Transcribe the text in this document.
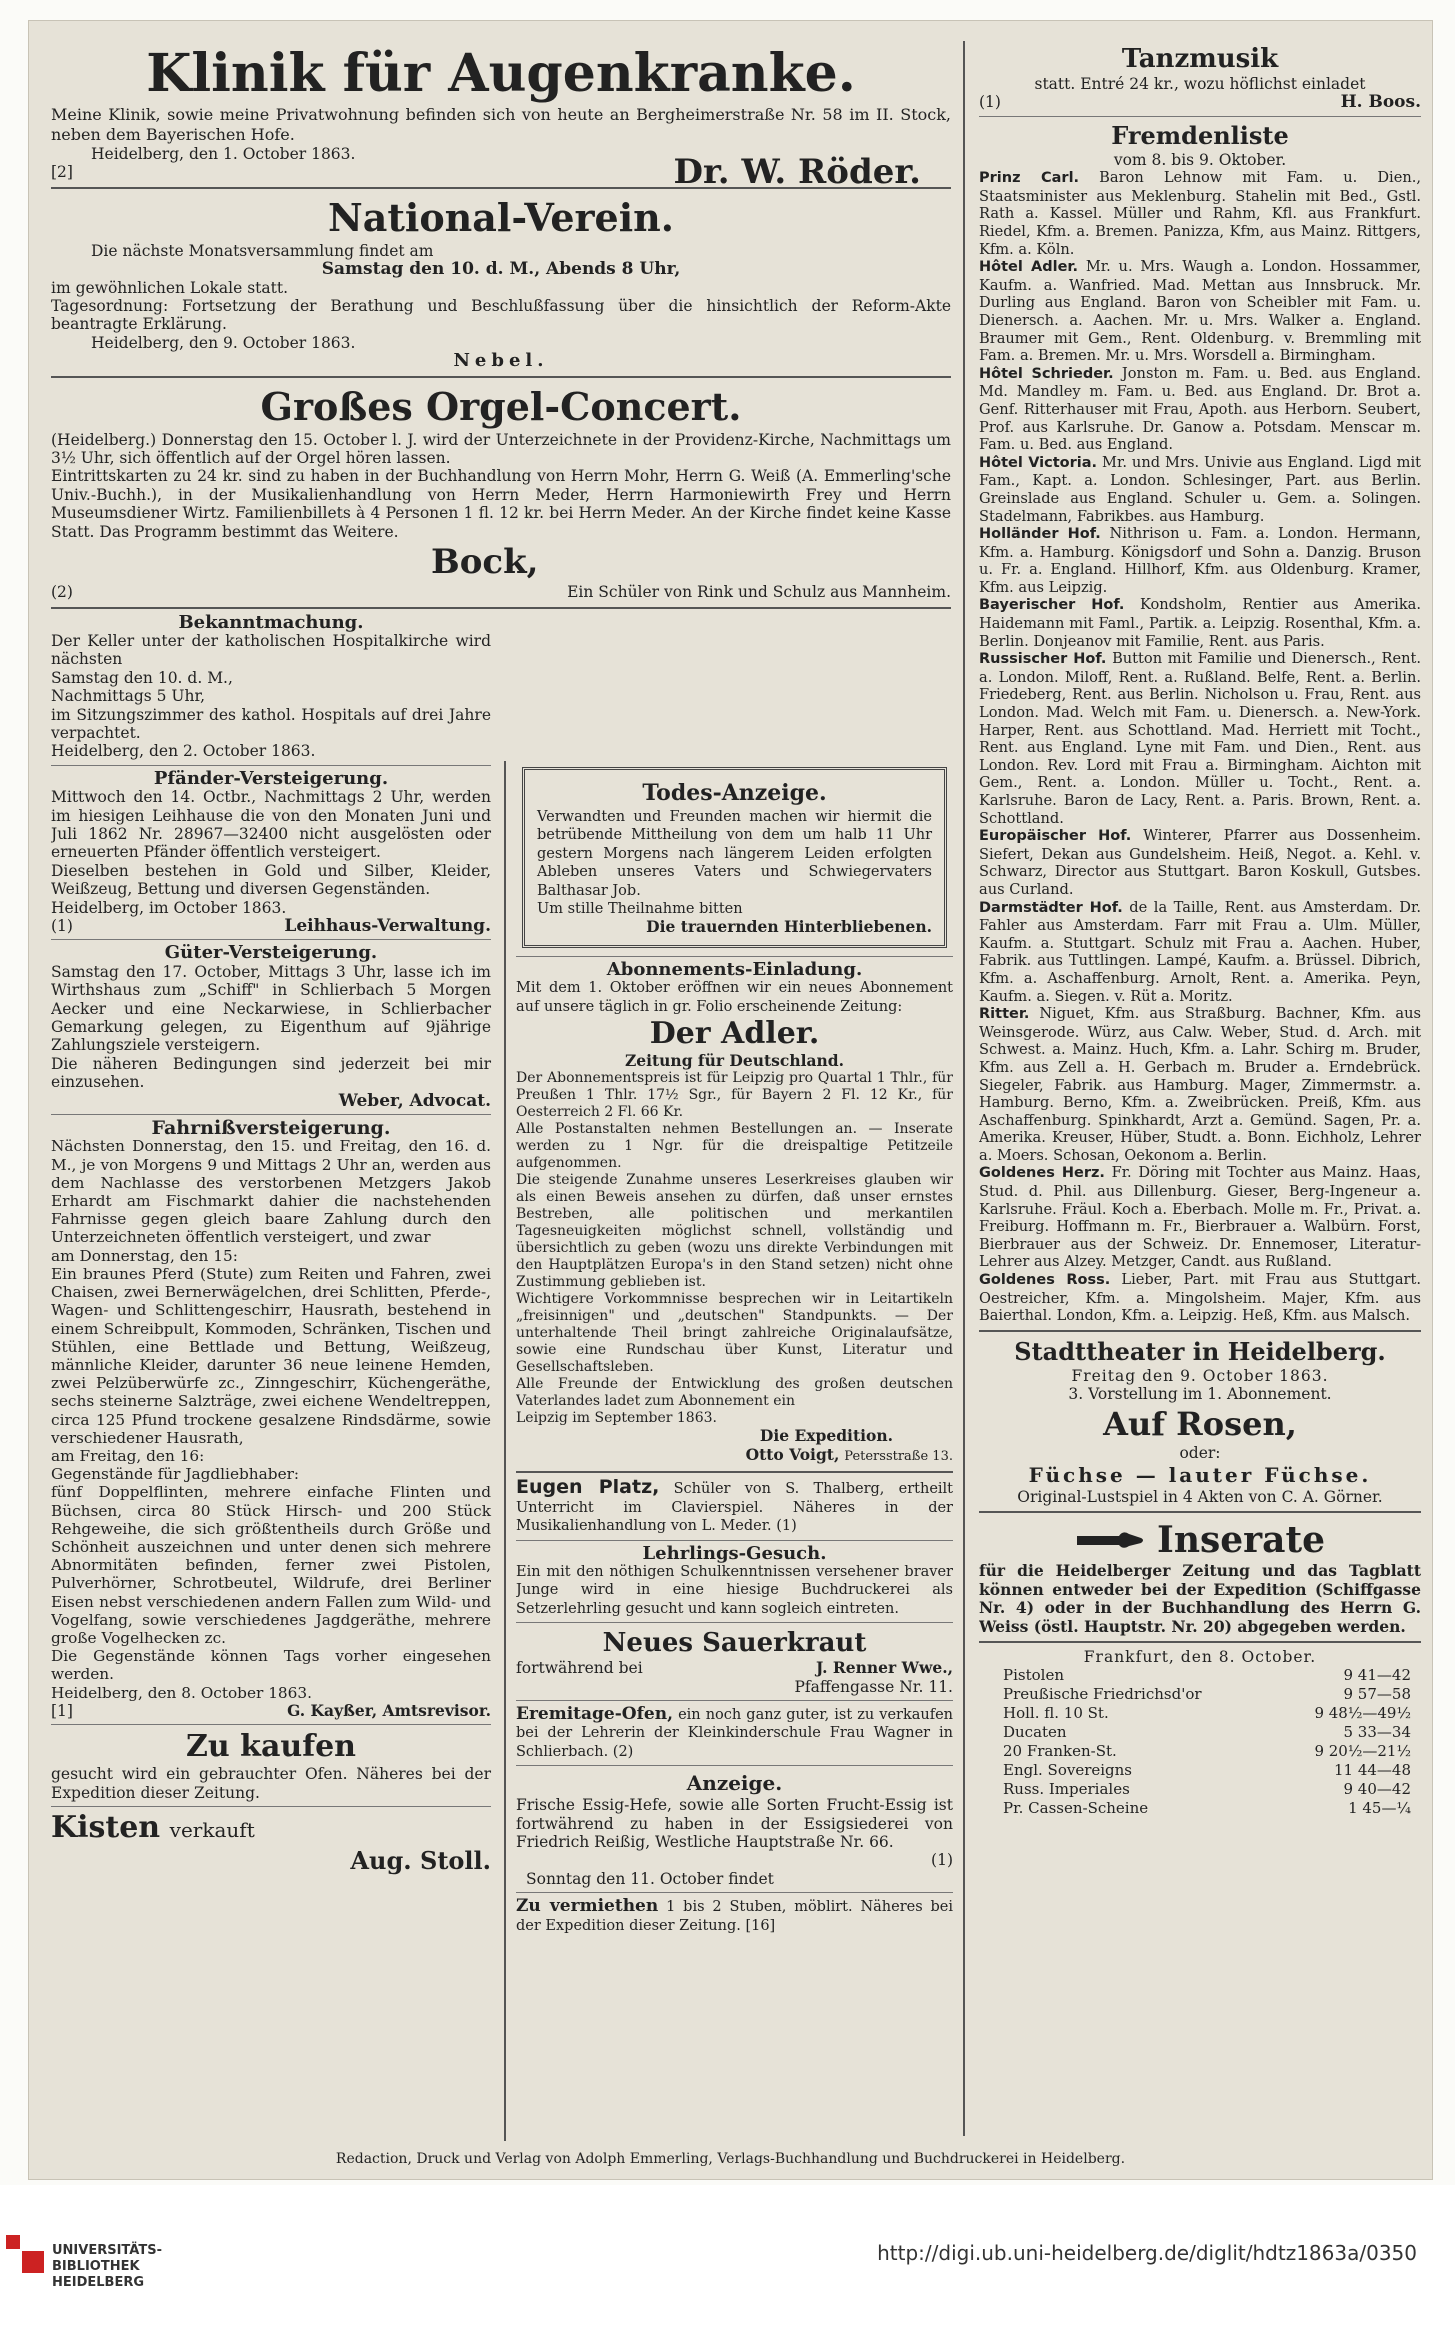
Klinik für Augenkranke.

Meine Klinik, sowie meine Privatwohnung befinden sich von heute an Bergheimerstraße Nr. 58 im II. Stock, neben dem Bayerischen Hofe.

Heidelberg, den 1. October 1863.

[2]	Dr. W. Röder.

National-Verein.

Die nächste Monatsversammlung findet am

Samstag den 10. d. M., Abends 8 Uhr,

im gewöhnlichen Lokale statt.

Tagesordnung: Fortsetzung der Berathung und Beschlußfassung über die hinsichtlich der Reform-Akte beantragte Erklärung.

Heidelberg, den 9. October 1863.

Nebel.

Großes Orgel-Concert.

(Heidelberg.) Donnerstag den 15. October l. J. wird der Unterzeichnete in der Providenz-Kirche, Nachmittags um 3½ Uhr, sich öffentlich auf der Orgel hören lassen.
Eintrittskarten zu 24 kr. sind zu haben in der Buchhandlung von Herrn Mohr, Herrn G. Weiß (A. Emmerling'sche Univ.-Buchh.), in der Musikalienhandlung von Herrn Meder, Herrn Harmoniewirth Frey und Herrn Museumsdiener Wirtz. Familienbillets à 4 Personen 1 fl. 12 kr. bei Herrn Meder. An der Kirche findet keine Kasse Statt. Das Programm bestimmt das Weitere.

Bock,

(2)	Ein Schüler von Rink und Schulz aus Mannheim.

Bekanntmachung.

Der Keller unter der katholischen Hospitalkirche wird nächsten
Samstag den 10. d. M.,
Nachmittags 5 Uhr,
im Sitzungszimmer des kathol. Hospitals auf drei Jahre verpachtet.
Heidelberg, den 2. October 1863.

Pfänder-Versteigerung.

Mittwoch den 14. Octbr., Nachmittags 2 Uhr, werden im hiesigen Leihhause die von den Monaten Juni und Juli 1862 Nr. 28967—32400 nicht ausgelösten oder erneuerten Pfänder öffentlich versteigert.
Dieselben bestehen in Gold und Silber, Kleider, Weißzeug, Bettung und diversen Gegenständen.
Heidelberg, im October 1863.

(1)	Leihhaus-Verwaltung.

Güter-Versteigerung.

Samstag den 17. October, Mittags 3 Uhr, lasse ich im Wirthshaus zum „Schiff" in Schlierbach 5 Morgen Aecker und eine Neckarwiese, in Schlierbacher Gemarkung gelegen, zu Eigenthum auf 9jährige Zahlungsziele versteigern.
Die näheren Bedingungen sind jederzeit bei mir einzusehen.

Weber, Advocat.

Fahrnißversteigerung.

Nächsten Donnerstag, den 15. und Freitag, den 16. d. M., je von Morgens 9 und Mittags 2 Uhr an, werden aus dem Nachlasse des verstorbenen Metzgers Jakob Erhardt am Fischmarkt dahier die nachstehenden Fahrnisse gegen gleich baare Zahlung durch den Unterzeichneten öffentlich versteigert, und zwar
am Donnerstag, den 15:
Ein braunes Pferd (Stute) zum Reiten und Fahren, zwei Chaisen, zwei Bernerwägelchen, drei Schlitten, Pferde-, Wagen- und Schlittengeschirr, Hausrath, bestehend in einem Schreibpult, Kommoden, Schränken, Tischen und Stühlen, eine Bettlade und Bettung, Weißzeug, männliche Kleider, darunter 36 neue leinene Hemden, zwei Pelzüberwürfe zc., Zinngeschirr, Küchengeräthe, sechs steinerne Salzträge, zwei eichene Wendeltreppen, circa 125 Pfund trockene gesalzene Rindsdärme, sowie verschiedener Hausrath,
am Freitag, den 16:
Gegenstände für Jagdliebhaber:
fünf Doppelflinten, mehrere einfache Flinten und Büchsen, circa 80 Stück Hirsch- und 200 Stück Rehgeweihe, die sich größtentheils durch Größe und Schönheit auszeichnen und unter denen sich mehrere Abnormitäten befinden, ferner zwei Pistolen, Pulverhörner, Schrotbeutel, Wildrufe, drei Berliner Eisen nebst verschiedenen andern Fallen zum Wild- und Vogelfang, sowie verschiedenes Jagdgeräthe, mehrere große Vogelhecken zc.
Die Gegenstände können Tags vorher eingesehen werden.
Heidelberg, den 8. October 1863.

[1]	G. Kayßer, Amtsrevisor.

Zu kaufen

gesucht wird ein gebrauchter Ofen. Näheres bei der Expedition dieser Zeitung.

Kisten verkauft

Aug. Stoll.

Todes-Anzeige.

Verwandten und Freunden machen wir hiermit die betrübende Mittheilung von dem um halb 11 Uhr gestern Morgens nach längerem Leiden erfolgten Ableben unseres Vaters und Schwiegervaters Balthasar Job.
Um stille Theilnahme bitten

Die trauernden Hinterbliebenen.

Abonnements-Einladung.

Mit dem 1. Oktober eröffnen wir ein neues Abonnement auf unsere täglich in gr. Folio erscheinende Zeitung:

Der Adler.

Zeitung für Deutschland.

Der Abonnementspreis ist für Leipzig pro Quartal 1 Thlr., für Preußen 1 Thlr. 17½ Sgr., für Bayern 2 Fl. 12 Kr., für Oesterreich 2 Fl. 66 Kr.
Alle Postanstalten nehmen Bestellungen an. — Inserate werden zu 1 Ngr. für die dreispaltige Petitzeile aufgenommen.
Die steigende Zunahme unseres Leserkreises glauben wir als einen Beweis ansehen zu dürfen, daß unser ernstes Bestreben, alle politischen und merkantilen Tagesneuigkeiten möglichst schnell, vollständig und übersichtlich zu geben (wozu uns direkte Verbindungen mit den Hauptplätzen Europa's in den Stand setzen) nicht ohne Zustimmung geblieben ist.
Wichtigere Vorkommnisse besprechen wir in Leitartikeln „freisinnigen" und „deutschen" Standpunkts. — Der unterhaltende Theil bringt zahlreiche Originalaufsätze, sowie eine Rundschau über Kunst, Literatur und Gesellschaftsleben.
Alle Freunde der Entwicklung des großen deutschen Vaterlandes ladet zum Abonnement ein
Leipzig im September 1863.

Die Expedition.

Otto Voigt, Petersstraße 13.

Eugen Platz, Schüler von S. Thalberg, ertheilt Unterricht im Clavierspiel. Näheres in der Musikalienhandlung von L. Meder. (1)

Lehrlings-Gesuch.

Ein mit den nöthigen Schulkenntnissen versehener braver Junge wird in eine hiesige Buchdruckerei als Setzerlehrling gesucht und kann sogleich eintreten.

Neues Sauerkraut

fortwährend bei	J. Renner Wwe.,

Pfaffengasse Nr. 11.

Eremitage-Ofen, ein noch ganz guter, ist zu verkaufen bei der Lehrerin der Kleinkinderschule Frau Wagner in Schlierbach. (2)

Anzeige.

Frische Essig-Hefe, sowie alle Sorten Frucht-Essig ist fortwährend zu haben in der Essigsiederei von Friedrich Reißig, Westliche Hauptstraße Nr. 66.

(1)

Sonntag den 11. October findet

Zu vermiethen 1 bis 2 Stuben, möblirt. Näheres bei der Expedition dieser Zeitung. [16]

Tanzmusik

statt. Entré 24 kr., wozu höflichst einladet

(1)	H. Boos.

Fremdenliste

vom 8. bis 9. Oktober.

Prinz Carl. Baron Lehnow mit Fam. u. Dien., Staatsminister aus Meklenburg. Stahelin mit Bed., Gstl. Rath a. Kassel. Müller und Rahm, Kfl. aus Frankfurt. Riedel, Kfm. a. Bremen. Panizza, Kfm, aus Mainz. Rittgers, Kfm. a. Köln.

Hôtel Adler. Mr. u. Mrs. Waugh a. London. Hossammer, Kaufm. a. Wanfried. Mad. Mettan aus Innsbruck. Mr. Durling aus England. Baron von Scheibler mit Fam. u. Dienersch. a. Aachen. Mr. u. Mrs. Walker a. England. Braumer mit Gem., Rent. Oldenburg. v. Bremmling mit Fam. a. Bremen. Mr. u. Mrs. Worsdell a. Birmingham.

Hôtel Schrieder. Jonston m. Fam. u. Bed. aus England. Md. Mandley m. Fam. u. Bed. aus England. Dr. Brot a. Genf. Ritterhauser mit Frau, Apoth. aus Herborn. Seubert, Prof. aus Karlsruhe. Dr. Ganow a. Potsdam. Menscar m. Fam. u. Bed. aus England.

Hôtel Victoria. Mr. und Mrs. Univie aus England. Ligd mit Fam., Kapt. a. London. Schlesinger, Part. aus Berlin. Greinslade aus England. Schuler u. Gem. a. Solingen. Stadelmann, Fabrikbes. aus Hamburg.

Holländer Hof. Nithrison u. Fam. a. London. Hermann, Kfm. a. Hamburg. Königsdorf und Sohn a. Danzig. Bruson u. Fr. a. England. Hillhorf, Kfm. aus Oldenburg. Kramer, Kfm. aus Leipzig.

Bayerischer Hof. Kondsholm, Rentier aus Amerika. Haidemann mit Faml., Partik. a. Leipzig. Rosenthal, Kfm. a. Berlin. Donjeanov mit Familie, Rent. aus Paris.

Russischer Hof. Button mit Familie und Dienersch., Rent. a. London. Miloff, Rent. a. Rußland. Belfe, Rent. a. Berlin. Friedeberg, Rent. aus Berlin. Nicholson u. Frau, Rent. aus London. Mad. Welch mit Fam. u. Dienersch. a. New-York. Harper, Rent. aus Schottland. Mad. Herriett mit Tocht., Rent. aus England. Lyne mit Fam. und Dien., Rent. aus London. Rev. Lord mit Frau a. Birmingham. Aichton mit Gem., Rent. a. London. Müller u. Tocht., Rent. a. Karlsruhe. Baron de Lacy, Rent. a. Paris. Brown, Rent. a. Schottland.

Europäischer Hof. Winterer, Pfarrer aus Dossenheim. Siefert, Dekan aus Gundelsheim. Heiß, Negot. a. Kehl. v. Schwarz, Director aus Stuttgart. Baron Koskull, Gutsbes. aus Curland.

Darmstädter Hof. de la Taille, Rent. aus Amsterdam. Dr. Fahler aus Amsterdam. Farr mit Frau a. Ulm. Müller, Kaufm. a. Stuttgart. Schulz mit Frau a. Aachen. Huber, Fabrik. aus Tuttlingen. Lampé, Kaufm. a. Brüssel. Dibrich, Kfm. a. Aschaffenburg. Arnolt, Rent. a. Amerika. Peyn, Kaufm. a. Siegen. v. Rüt a. Moritz.

Ritter. Niguet, Kfm. aus Straßburg. Bachner, Kfm. aus Weinsgerode. Würz, aus Calw. Weber, Stud. d. Arch. mit Schwest. a. Mainz. Huch, Kfm. a. Lahr. Schirg m. Bruder, Kfm. aus Zell a. H. Gerbach m. Bruder a. Erndebrück. Siegeler, Fabrik. aus Hamburg. Mager, Zimmermstr. a. Hamburg. Berno, Kfm. a. Zweibrücken. Preiß, Kfm. aus Aschaffenburg. Spinkhardt, Arzt a. Gemünd. Sagen, Pr. a. Amerika. Kreuser, Hüber, Studt. a. Bonn. Eichholz, Lehrer a. Moers. Schosan, Oekonom a. Berlin.

Goldenes Herz. Fr. Döring mit Tochter aus Mainz. Haas, Stud. d. Phil. aus Dillenburg. Gieser, Berg-Ingeneur a. Karlsruhe. Fräul. Koch a. Eberbach. Molle m. Fr., Privat. a. Freiburg. Hoffmann m. Fr., Bierbrauer a. Walbürn. Forst, Bierbrauer aus der Schweiz. Dr. Ennemoser, Literatur-Lehrer aus Alzey. Metzger, Candt. aus Rußland.

Goldenes Ross. Lieber, Part. mit Frau aus Stuttgart. Oestreicher, Kfm. a. Mingolsheim. Majer, Kfm. aus Baierthal. London, Kfm. a. Leipzig. Heß, Kfm. aus Malsch.

Stadttheater in Heidelberg.

Freitag den 9. October 1863.

3. Vorstellung im 1. Abonnement.

Auf Rosen,

oder:

Füchse — lauter Füchse.

Original-Lustspiel in 4 Akten von C. A. Görner.

Inserate

für die Heidelberger Zeitung und das Tagblatt können entweder bei der Expedition (Schiffgasse Nr. 4) oder in der Buchhandlung des Herrn G. Weiss (östl. Hauptstr. Nr. 20) abgegeben werden.

Frankfurt, den 8. October.

Pistolen	9 41—42
Preußische Friedrichsd'or	9 57—58
Holl. fl. 10 St.	9 48½—49½
Ducaten	5 33—34
20 Franken-St.	9 20½—21½
Engl. Sovereigns	11 44—48
Russ. Imperiales	9 40—42
Pr. Cassen-Scheine	1 45—¼
Redaction, Druck und Verlag von Adolph Emmerling, Verlags-Buchhandlung und Buchdruckerei in Heidelberg.
UNIVERSITÄTS-
BIBLIOTHEK
HEIDELBERG
http://digi.ub.uni-heidelberg.de/diglit/hdtz1863a/0350
